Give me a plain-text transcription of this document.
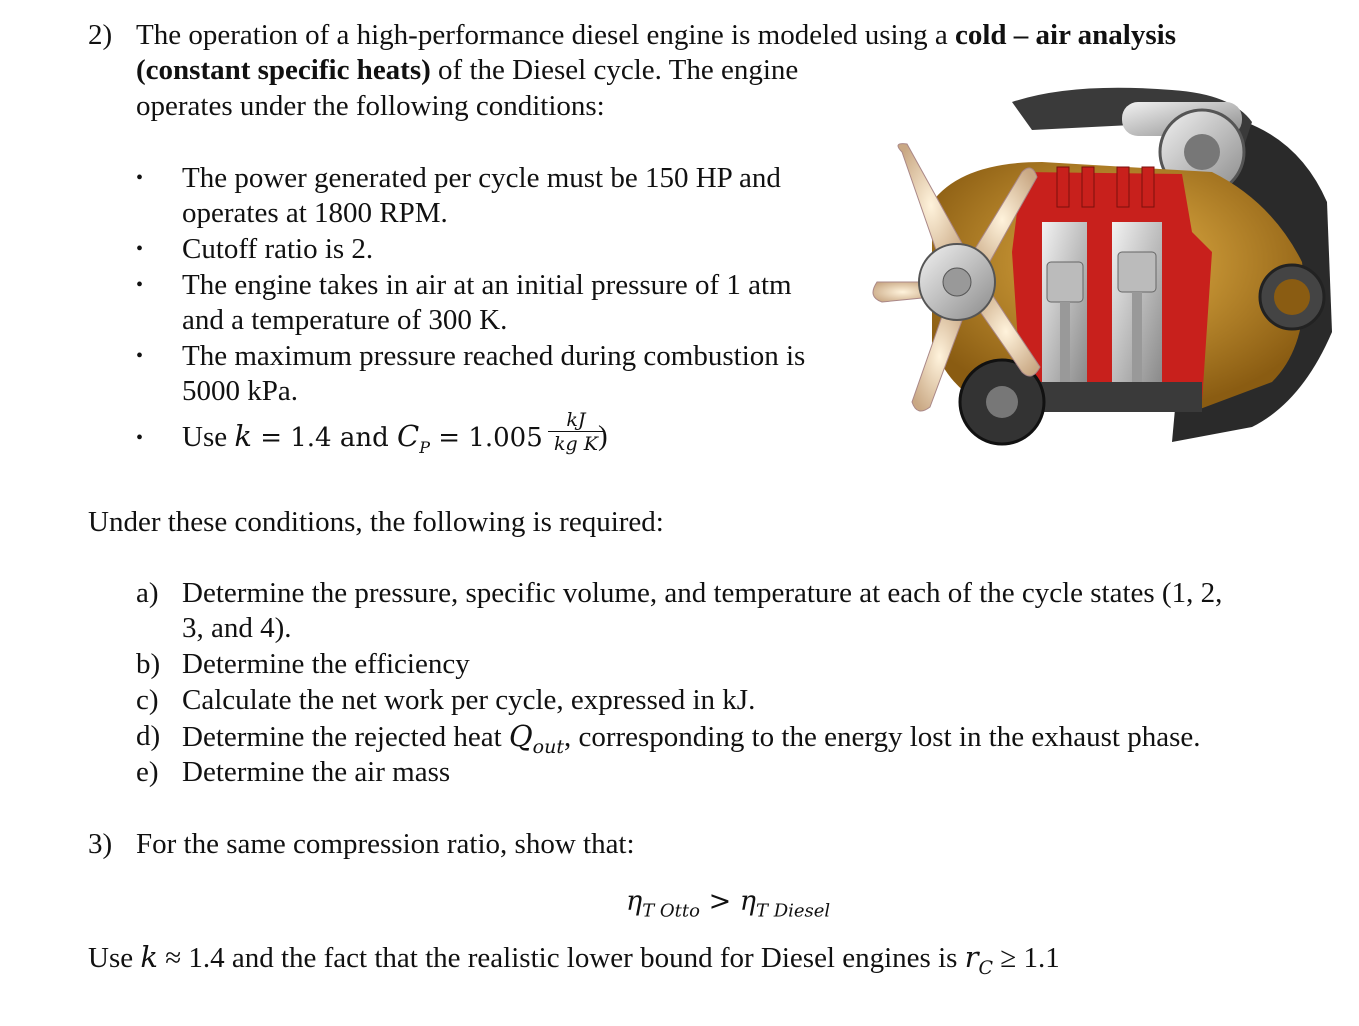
2) The operation of a high-performance diesel engine is modeled using a cold – air analysis
(constant specific heats) of the Diesel cycle. The engine
operates under the following conditions:
• The power generated per cycle must be 150 HP and
operates at 1800 RPM.
• Cutoff ratio is 2.
• The engine takes in air at an initial pressure of 1 atm
and a temperature of 300 K.
• The maximum pressure reached during combustion is
5000 kPa.
• Use k = 1.4 and $C_P = 1.005$
kJ
kg K )
Under these conditions, the following is required:
a) Determine the pressure, specific volume, and temperature at each of the cycle states (1, 2,
3, and 4).
b) Determine the efficiency
c) Calculate the net work per cycle, expressed in kJ.
d) Determine the rejected heat $Q_{out}$, corresponding to the energy lost in the exhaust phase.
e) Determine the air mass
3) For the same compression ratio, show that:
$\eta_{T Otto} > \eta_{T Diesel}$
Use k ≈ 1.4 and the fact that the realistic lower bound for Diesel engines is $r_C \ge 1.1$
